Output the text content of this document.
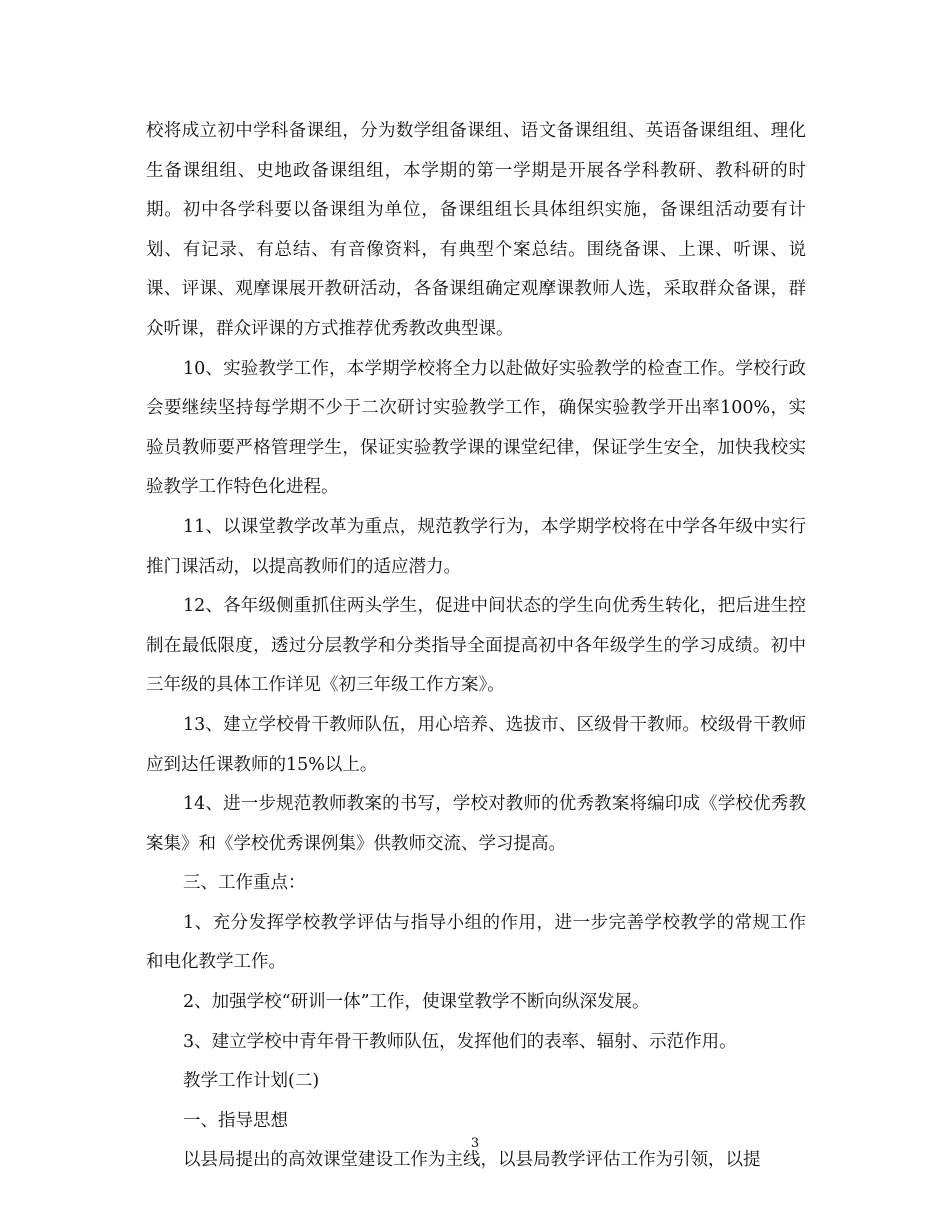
校将成立初中学科备课组，分为数学组备课组、语文备课组组、英语备课组组、理化生备课组组、史地政备课组组，本学期的第一学期是开展各学科教研、教科研的时期。初中各学科要以备课组为单位，备课组组长具体组织实施，备课组活动要有计划、有记录、有总结、有音像资料，有典型个案总结。围绕备课、上课、听课、说课、评课、观摩课展开教研活动，各备课组确定观摩课教师人选，采取群众备课，群众听课，群众评课的方式推荐优秀教改典型课。

10、实验教学工作，本学期学校将全力以赴做好实验教学的检查工作。学校行政会要继续坚持每学期不少于二次研讨实验教学工作，确保实验教学开出率100%，实验员教师要严格管理学生，保证实验教学课的课堂纪律，保证学生安全，加快我校实验教学工作特色化进程。

11、以课堂教学改革为重点，规范教学行为，本学期学校将在中学各年级中实行推门课活动，以提高教师们的适应潜力。

12、各年级侧重抓住两头学生，促进中间状态的学生向优秀生转化，把后进生控制在最低限度，透过分层教学和分类指导全面提高初中各年级学生的学习成绩。初中三年级的具体工作详见《初三年级工作方案》。

13、建立学校骨干教师队伍，用心培养、选拔市、区级骨干教师。校级骨干教师应到达任课教师的15%以上。

14、进一步规范教师教案的书写，学校对教师的优秀教案将编印成《学校优秀教案集》和《学校优秀课例集》供教师交流、学习提高。

三、工作重点：

1、充分发挥学校教学评估与指导小组的作用，进一步完善学校教学的常规工作和电化教学工作。

2、加强学校“研训一体”工作，使课堂教学不断向纵深发展。

3、建立学校中青年骨干教师队伍，发挥他们的表率、辐射、示范作用。

教学工作计划(二)

一、指导思想

以县局提出的高效课堂建设工作为主线，以县局教学评估工作为引领，以提

3
